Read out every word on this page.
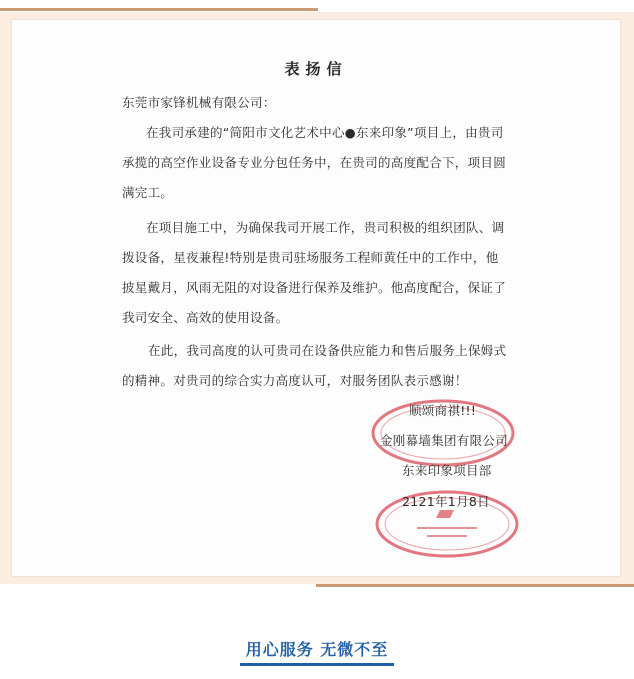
表扬信
东莞市家锋机械有限公司：
在我司承建的“简阳市文化艺术中心●东来印象”项目上，由贵司
承揽的高空作业设备专业分包任务中，在贵司的高度配合下，项目圆
满完工。
在项目施工中，为确保我司开展工作，贵司积极的组织团队、调
拨设备，星夜兼程!特别是贵司驻场服务工程师黄任中的工作中，他
披星戴月，风雨无阻的对设备进行保养及维护。他高度配合，保证了
我司安全、高效的使用设备。
在此，我司高度的认可贵司在设备供应能力和售后服务上保姆式
的精神。对贵司的综合实力高度认可，对服务团队表示感谢！
顺颂商祺!!!
金刚幕墙集团有限公司
东来印象项目部
2121年1月8日
用心服务 无微不至
